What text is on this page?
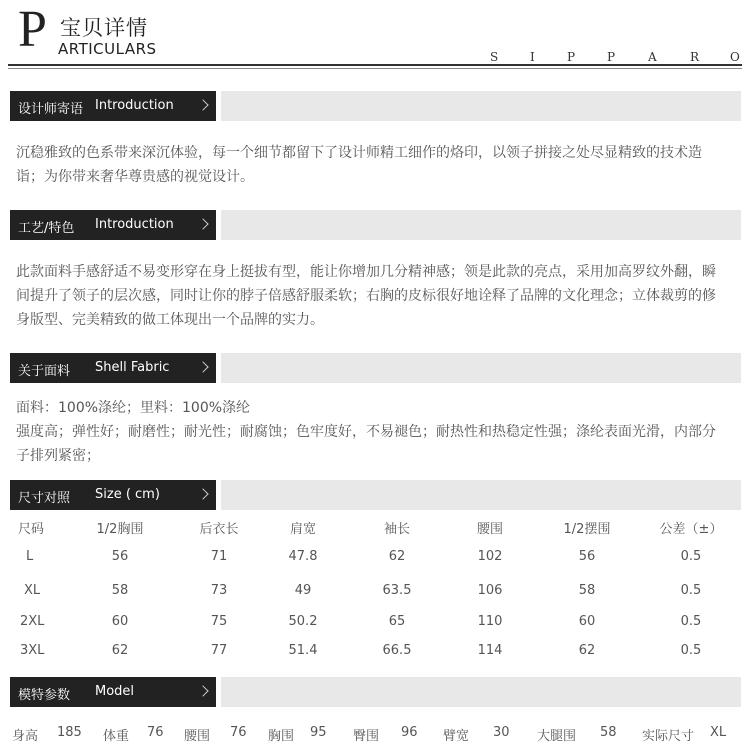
P 宝贝详情
ARTICULARS	S	I	P	P	A	R	O
设计师寄语 Introduction
沉稳雅致的色系带来深沉体验，每一个细节都留下了设计师精工细作的烙印，以领子拼接之处尽显精致的技术造诣；为你带来奢华尊贵感的视觉设计。
工艺/特色 Introduction
此款面料手感舒适不易变形穿在身上挺拔有型，能让你增加几分精神感；领是此款的亮点，采用加高罗纹外翻，瞬间提升了领子的层次感，同时让你的脖子倍感舒服柔软；右胸的皮标很好地诠释了品牌的文化理念；立体裁剪的修身版型、完美精致的做工体现出一个品牌的实力。
关于面料 Shell Fabric
面料：100%涤纶；里料：100%涤纶
强度高；弹性好；耐磨性；耐光性；耐腐蚀；色牢度好，不易褪色；耐热性和热稳定性强；涤纶表面光滑，内部分子排列紧密；
尺寸对照 Size ( cm)
尺码	1/2胸围	后衣长	肩宽	袖长	腰围	1/2摆围	公差（±）
L	56	71	47.8	62	102	56	0.5
XL	58	73	49	63.5	106	58	0.5
2XL	60	75	50.2	65	110	60	0.5
3XL	62	77	51.4	66.5	114	62	0.5
模特参数 Model
身高 185 体重 76 腰围 76 胸围 95 臀围 96 臂宽 30 大腿围 58 实际尺寸 XL
